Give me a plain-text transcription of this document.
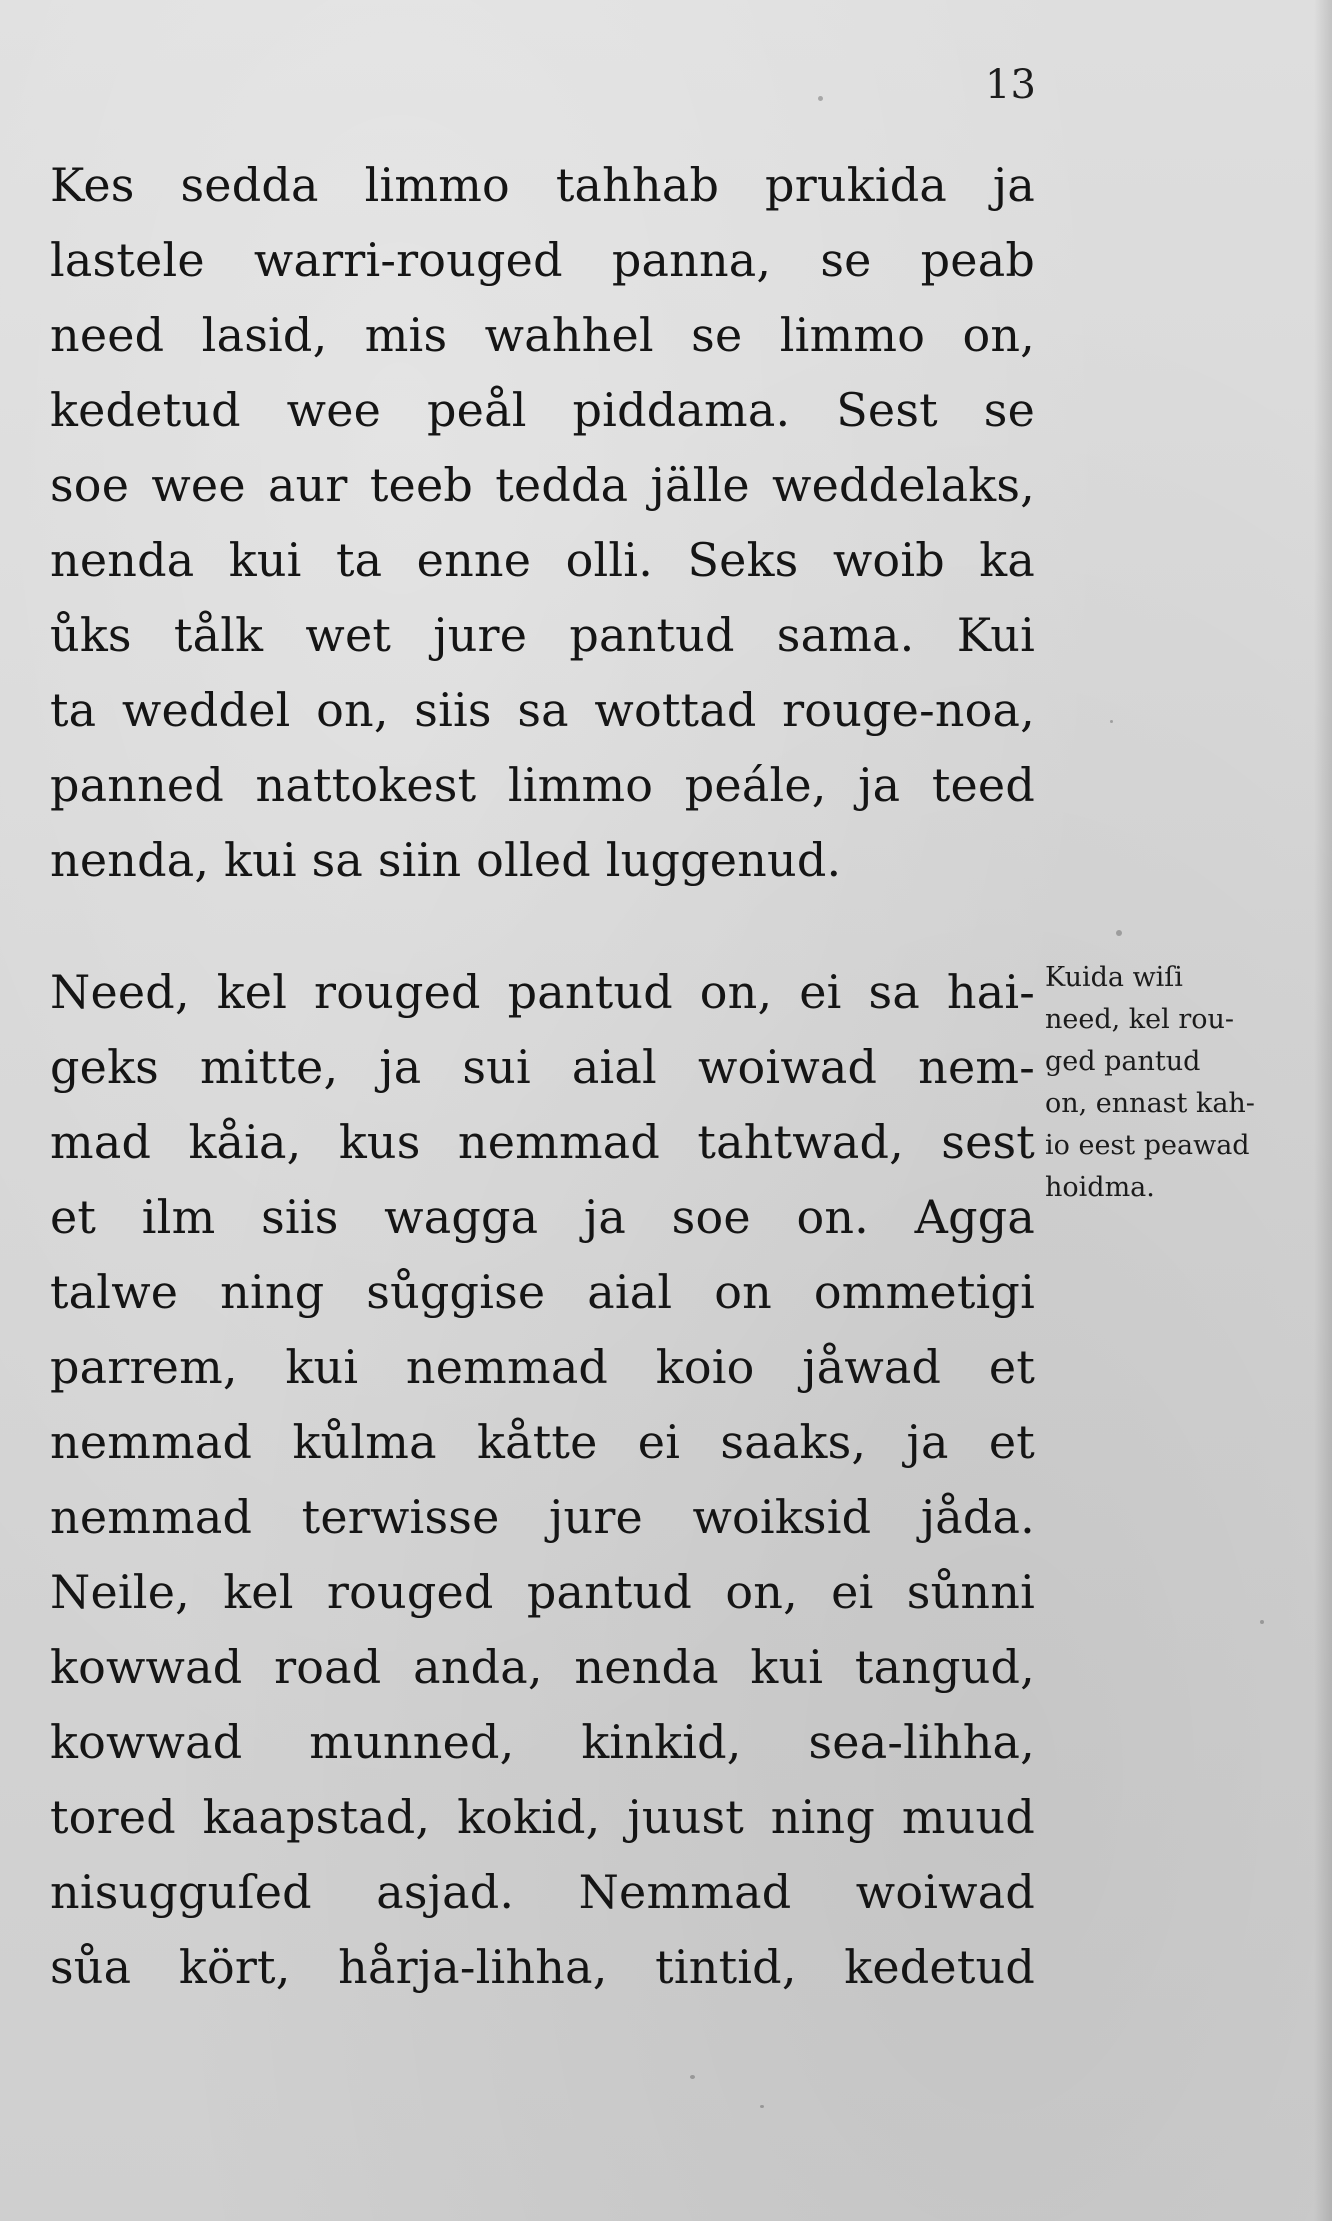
13
Kes sedda limmo tahhab prukida ja
lastele warri-rouged panna, se peab
need lasid, mis wahhel se limmo on,
kedetud wee peål piddama. Sest se
soe wee aur teeb tedda jälle weddelaks,
nenda kui ta enne olli. Seks woib ka
ůks tålk wet jure pantud sama. Kui
ta weddel on, siis sa wottad rouge-noa,
panned nattokest limmo peále, ja teed
nenda, kui sa siin olled luggenud.
Need, kel rouged pantud on, ei sa hai-
geks mitte, ja sui aial woiwad nem-
mad kåia, kus nemmad tahtwad, sest
et ilm siis wagga ja soe on. Agga
talwe ning sůggise aial on ommetigi
parrem, kui nemmad koio jåwad et
nemmad kůlma kåtte ei saaks, ja et
nemmad terwisse jure woiksid jåda.
Neile, kel rouged pantud on, ei sůnni
kowwad road anda, nenda kui tangud,
kowwad munned, kinkid, sea-lihha,
tored kaapstad, kokid, juust ning muud
nisugguſed asjad. Nemmad woiwad
sůa kört, hårja-lihha, tintid, kedetud
Kuida wiſi
need, kel rou-
ged pantud
on, ennast kah-
io eest peawad
hoidma.
